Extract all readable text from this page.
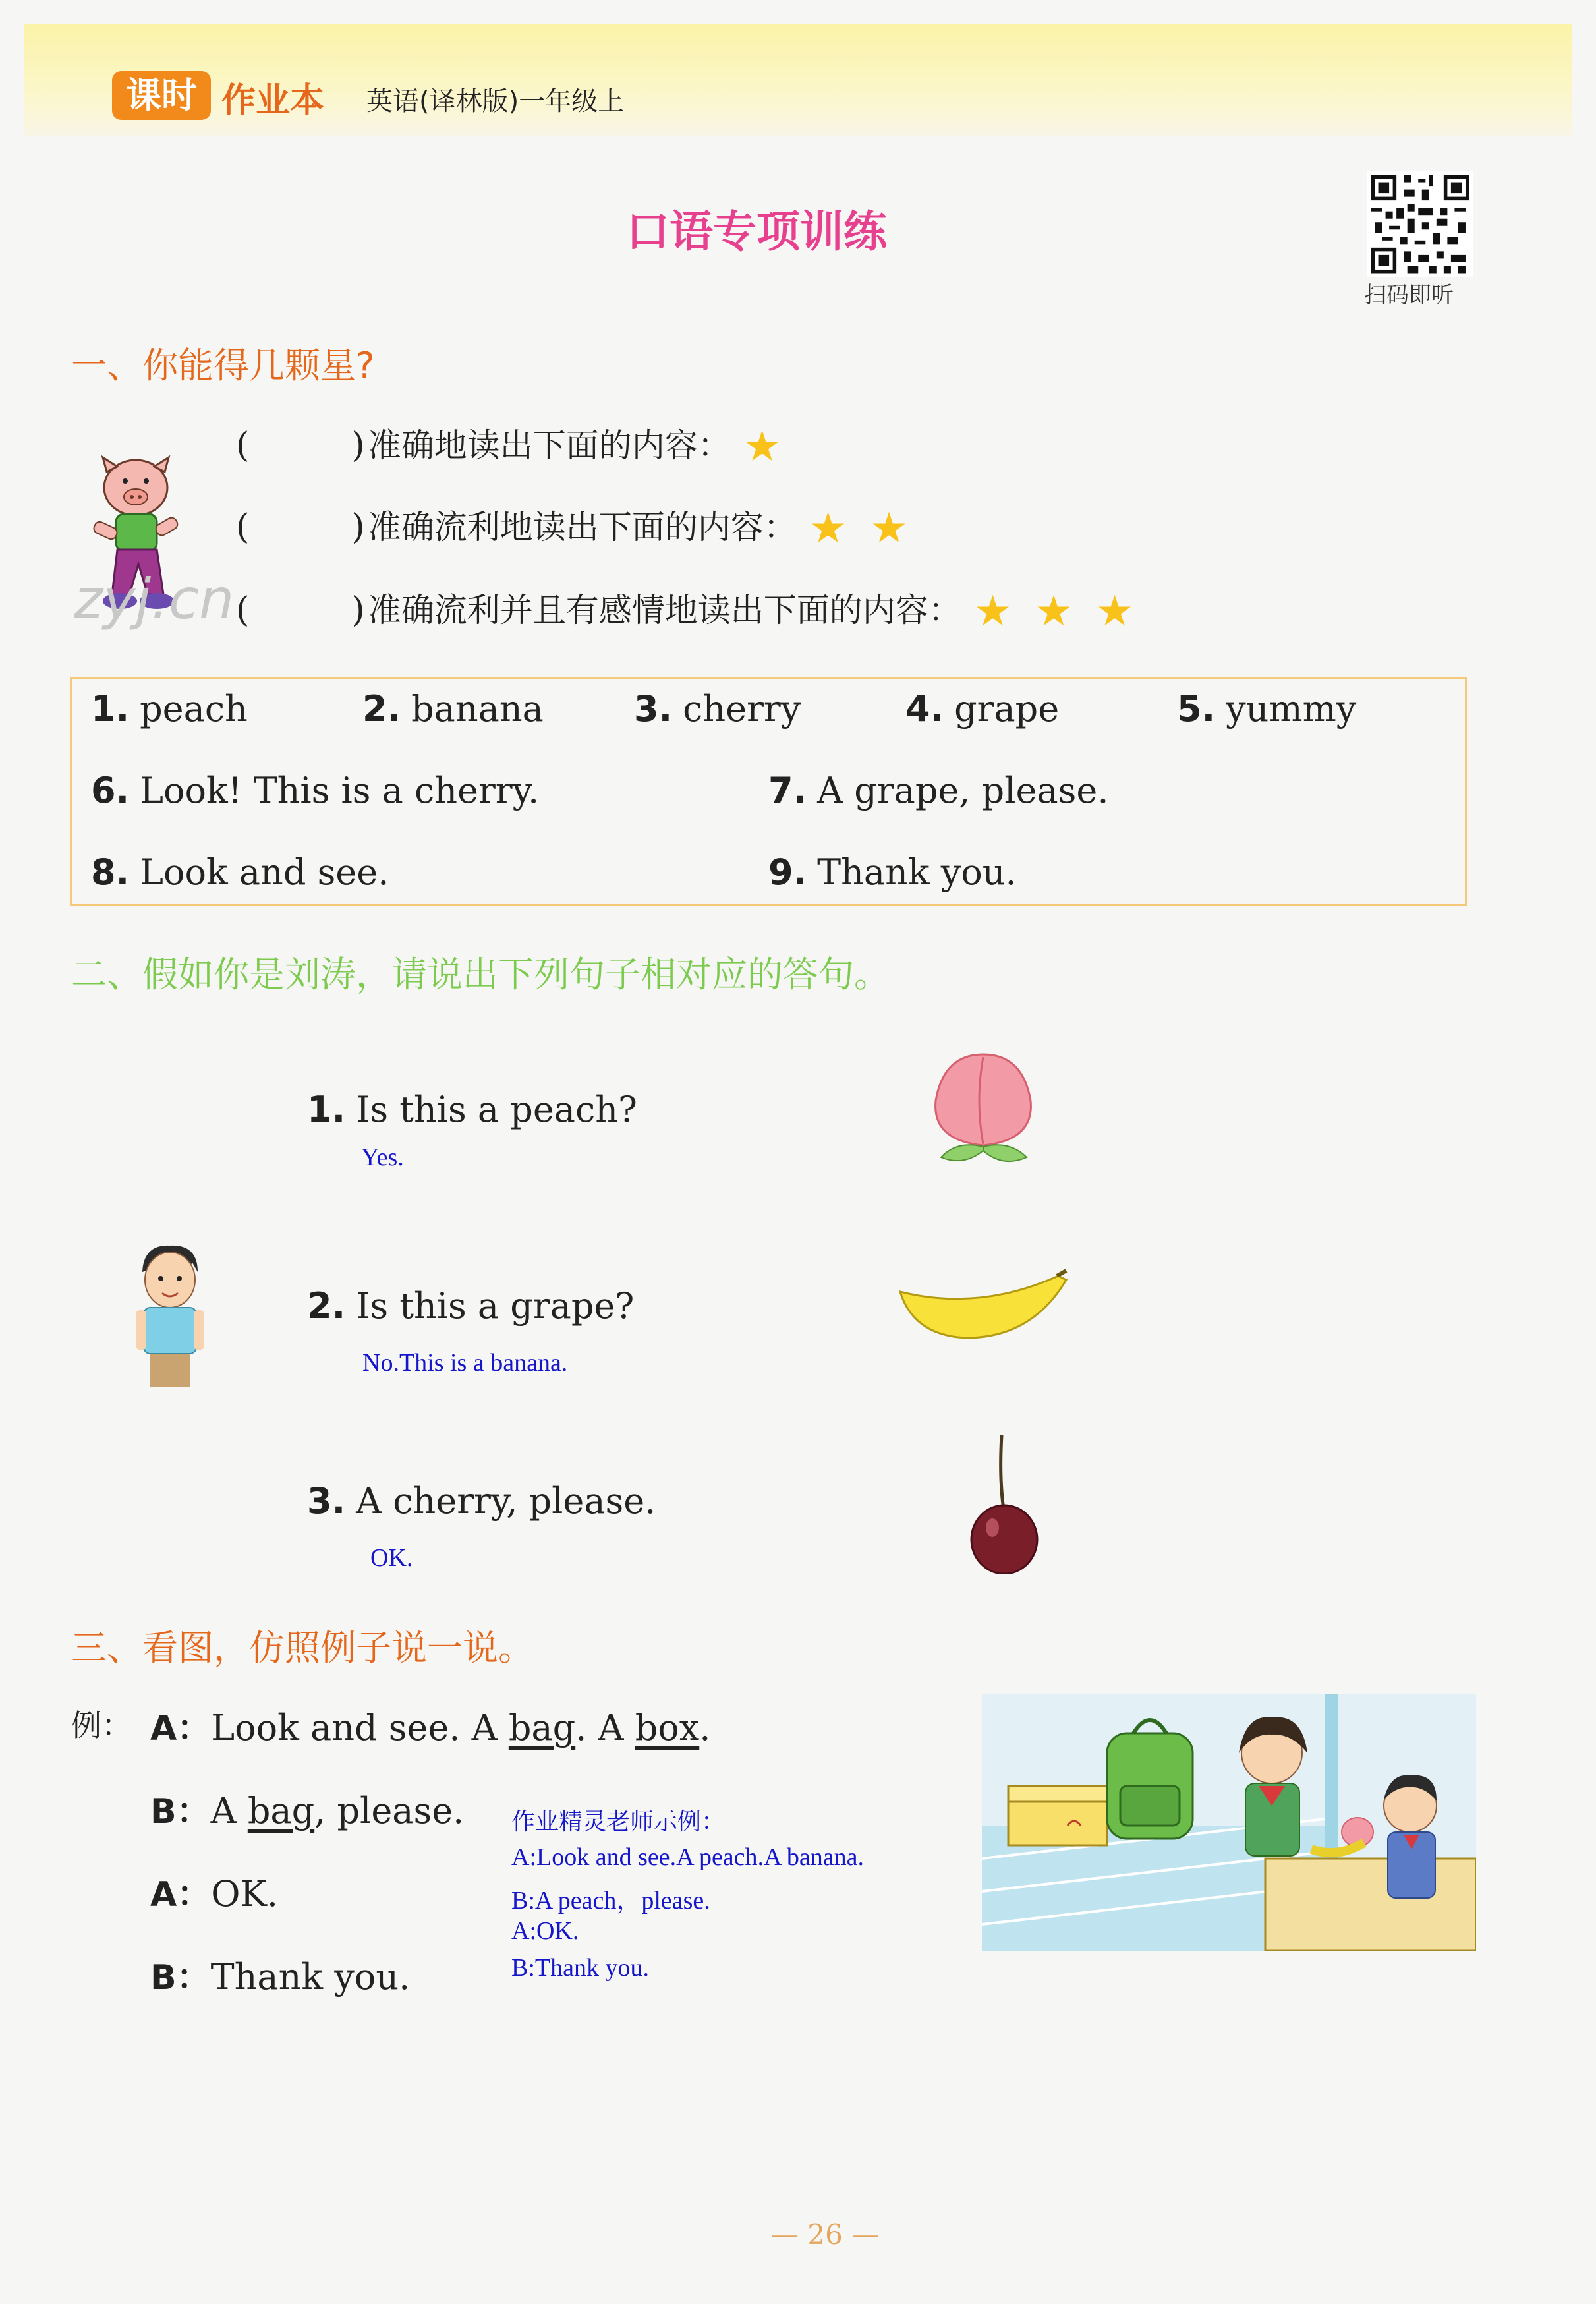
课时 作业本 英语(译林版)一年级上
口语专项训练
扫码即听
一、你能得几颗星?
zyj.cn
(	) 准确地读出下面的内容： ★
(	) 准确流利地读出下面的内容： ★ ★
(	) 准确流利并且有感情地读出下面的内容： ★ ★ ★
1. peach	2. banana	3. cherry	4. grape	5. yummy
6. Look! This is a cherry.	7. A grape, please.
8. Look and see.	9. Thank you.
二、假如你是刘涛，请说出下列句子相对应的答句。
1. Is this a peach?
Yes.
2. Is this a grape?
No.This is a banana.
3. A cherry, please.
OK.
三、看图，仿照例子说一说。
例： A：Look and see. A bag. A box.
B：A bag, please.
A：OK.
B：Thank you.
作业精灵老师示例：
A:Look and see.A peach.A banana.
B:A peach，please.
A:OK.
B:Thank you.
— 26 —
